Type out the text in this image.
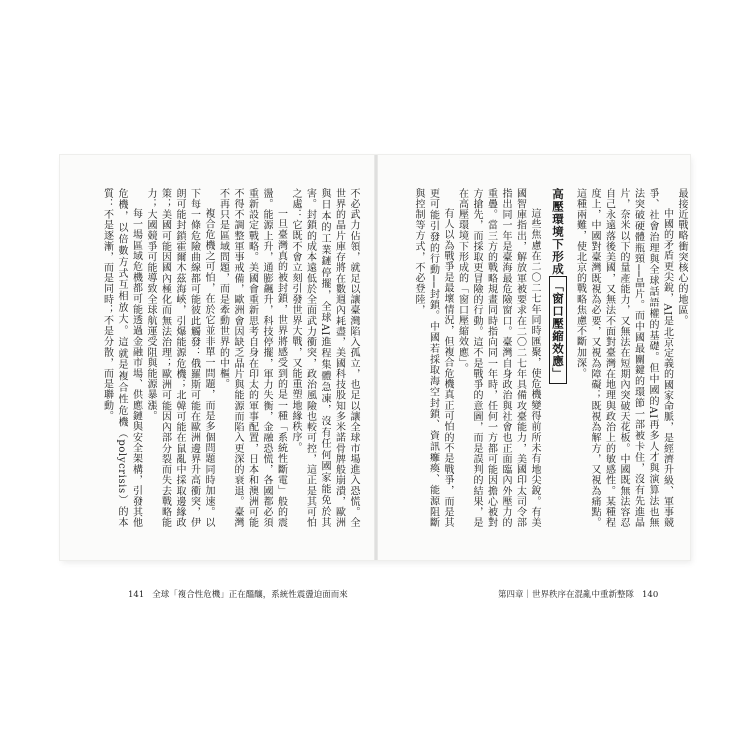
最接近戰略衝突核心的地區。

中國的矛盾更尖銳，AI是北京定義的國家命脈，是經濟升級、軍事競爭、社會治理與全球話語權的基礎。但中國的AI再多人才與演算法也無法突破硬體瓶頸──晶片。而中國最關鍵的環節一部被卡住，沒有先進晶片，奈米以下的量產能力，又無法在短期內突破天花板。中國既無法容忍自己永遠落後美國，又無法不面對臺灣在地理與政治上的敏感性。某種程度上，中國對臺灣既視為必要，又視為障礙；既視為解方，又視為痛點。這種兩難，使北京的戰略焦慮不斷加深。

高壓環境下形成「窗口壓縮效應」

這些焦慮在二〇二七年同時匯聚，使危機變得前所未有地尖銳。有美國智庫指出，解放軍被要求在二〇二七年具備攻臺能力，美國印太司令部指出同一年是臺海最危險窗口。臺灣自身政治與社會也正面臨內外壓力的重疊。當三方的戰略規畫同時指向同一年時，任何一方都可能因擔心被對方搶先，而採取更冒險的行動。這不是戰爭的意圖，而是誤判的結果，是在高壓環境下形成的「窗口壓縮效應」。

有人以為戰爭是最壞情況，但複合危機真正可怕的不是戰爭，而是其更可能引發的行動──封鎖。中國若採取海空封鎖、資訊癱瘓、能源阻斷與控制等方式，不必登陸，

不必武力佔領，就足以讓臺灣陷入孤立，也足以讓全球市場進入恐慌。全世界的晶片庫存將在數週內耗盡，美國科技股知多米諾骨牌般崩潰，歐洲與日本的工業鏈停擺，全球AI進程集體急凍，沒有任何國家能免於其害。封鎖的成本遠低於全面武力衝突，政治風險也較可控，這正是其可怕之處：它既不會立刻引發世界大戰，又能重塑地緣秩序。

一旦臺灣真的被封鎖，世界將感受到的是一種「系統性斷電」般的震盪。能源上升，通膨飆升，科技停擺，軍力失衡，金融恐慌，各國都必須重新設定戰略。美國會重新思考自身在印太的軍事配置，日本和澳洲可能不得不調整軍事戒備，歐洲會因缺乏晶片與能源而陷入更深的衰退。臺灣不再只是區域問題，而是牽動世界的中樞。

複合危機之可怕，在於它並非單一問題，而是多個問題同時加速。以下每一條危險曲線都可能彼此觸發：俄羅斯可能在歐洲邊界升高衝突，伊朗可能封鎖霍爾木茲海峽，引爆能源危機；北韓可能在鼠亂中採取邊緣政策；美國可能因國內極化而無法治理；歐洲可能因內部分裂而失去戰略能力；大國競爭可能導致全球航運受阻與能源暴漲。

每一場區域危機都可能透過金融市場、供應鏈與安全架構，引發其他危機，以倍數方式互相放大。這就是複合性危機（polycrisis）的本質：不是逐漸，而是同時；不是分散，而是聯動。

141 全球「複合性危機」正在醞釀，系統性震盪迫面而來	第四章｜世界秩序在混亂中重新整隊 140
